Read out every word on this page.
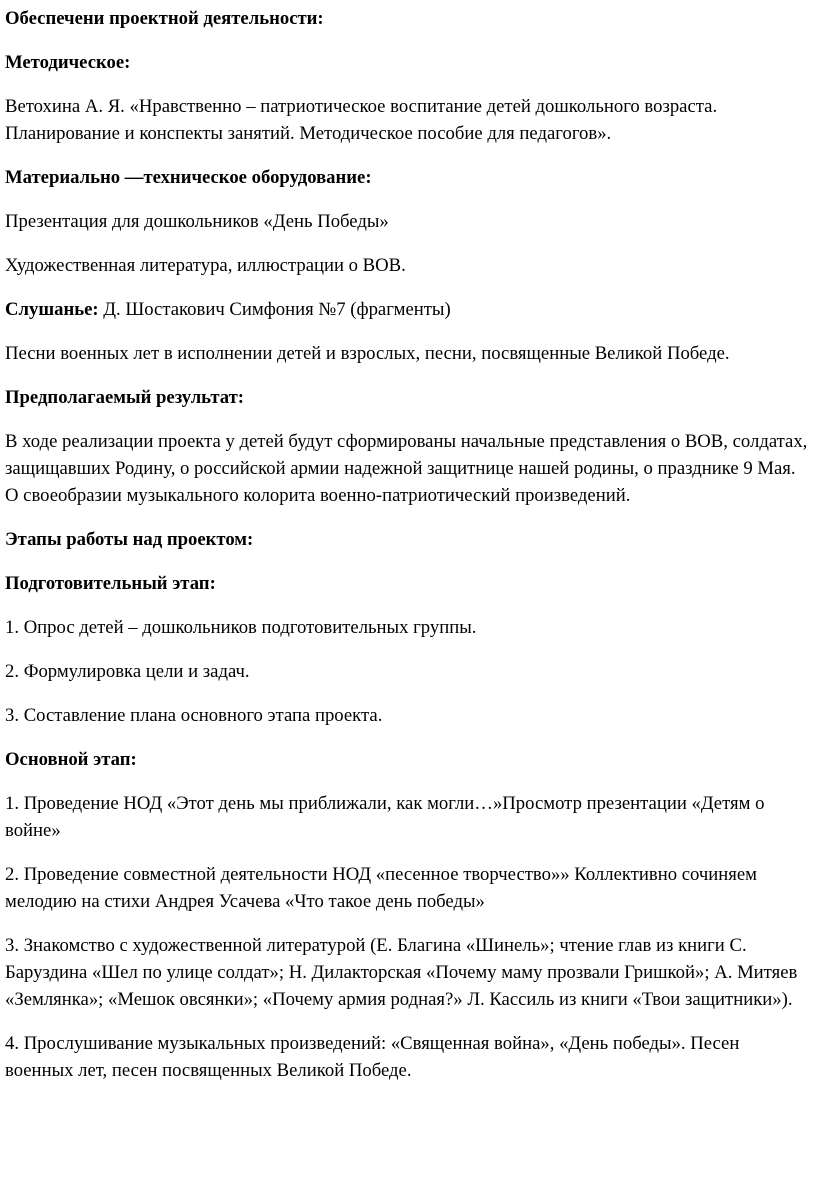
Обеспечени проектной деятельности:

Методическое:

Ветохина А. Я. «Нравственно – патриотическое воспитание детей дошкольного возраста. Планирование и конспекты занятий. Методическое пособие для педагогов».

Материально —техническое оборудование:

Презентация для дошкольников «День Победы»

Художественная литература, иллюстрации о ВОВ.

Слушанье: Д. Шостакович Симфония №7 (фрагменты)

Песни военных лет в исполнении детей и взрослых, песни, посвященные Великой Победе.

Предполагаемый результат:

В ходе реализации проекта у детей будут сформированы начальные представления о ВОВ, солдатах, защищавших Родину, о российской армии надежной защитнице нашей родины, о празднике 9 Мая. О своеобразии музыкального колорита военно-патриотический произведений.

Этапы работы над проектом:

Подготовительный этап:

1. Опрос детей – дошкольников подготовительных группы.

2. Формулировка цели и задач.

3. Составление плана основного этапа проекта.

Основной этап:

1. Проведение НОД «Этот день мы приближали, как могли…»Просмотр презентации «Детям о войне»

2. Проведение совместной деятельности НОД «песенное творчество»» Коллективно сочиняем мелодию на стихи Андрея Усачева «Что такое день победы»

3. Знакомство с художественной литературой (Е. Благина «Шинель»; чтение глав из книги С. Баруздина «Шел по улице солдат»; Н. Дилакторская «Почему маму прозвали Гришкой»; А. Митяев «Землянка»; «Мешок овсянки»; «Почему армия родная?» Л. Кассиль из книги «Твои защитники»).

4. Прослушивание музыкальных произведений: «Священная война», «День победы». Песен военных лет, песен посвященных Великой Победе.
